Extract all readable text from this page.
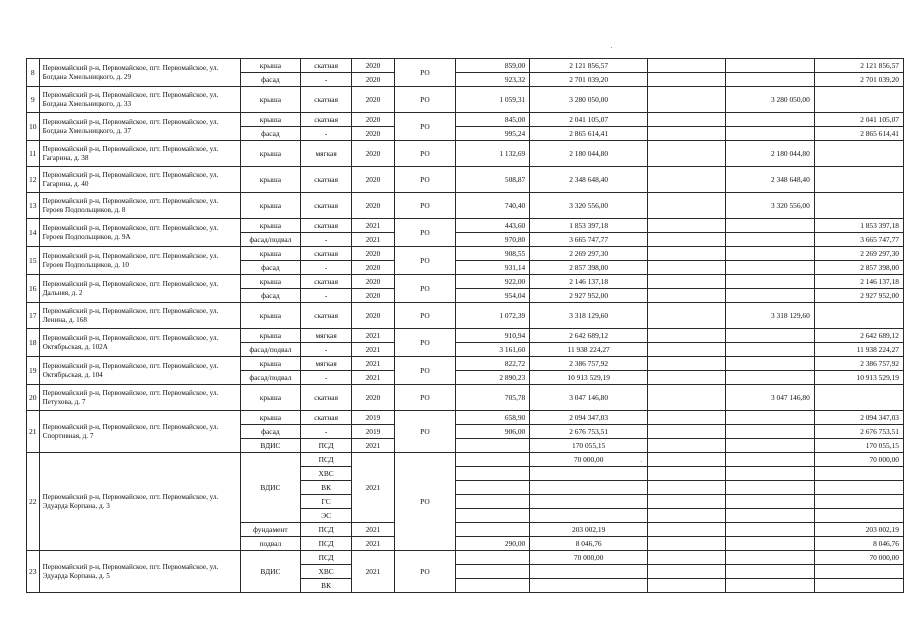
8	Первомайский р-н, Первомайское, пгт. Первомайское, ул. Богдана Хмельницкого, д. 29	крыша	скатная	2020	РО	859,00	2 121 856,57			2 121 856,57
		фасад	-	2020		923,32	2 701 039,20			2 701 039,20
9	Первомайский р-н, Первомайское, пгт. Первомайское, ул. Богдана Хмельницкого, д. 33	крыша	скатная	2020	РО	1 059,31	3 280 050,00		3 280 050,00	
10	Первомайский р-н, Первомайское, пгт. Первомайское, ул. Богдана Хмельницкого, д. 37	крыша	скатная	2020	РО	845,00	2 041 105,07			2 041 105,07
		фасад	-	2020		995,24	2 865 614,41			2 865 614,41
11	Первомайский р-н, Первомайское, пгт. Первомайское, ул. Гагарина, д. 38	крыша	мягкая	2020	РО	1 132,69	2 180 044,80		2 180 044,80	
12	Первомайский р-н, Первомайское, пгт. Первомайское, ул. Гагарина, д. 40	крыша	скатная	2020	РО	508,87	2 348 648,40		2 348 648,40	
13	Первомайский р-н, Первомайское, пгт. Первомайское, ул. Героев Подпольщиков, д. 8	крыша	скатная	2020	РО	740,40	3 320 556,00		3 320 556,00	
14	Первомайский р-н, Первомайское, пгт. Первомайское, ул. Героев Подпольщиков, д. 9А	крыша	скатная	2021	РО	443,60	1 853 397,18			1 853 397,18
		фасад/подвал	-	2021		970,80	3 665 747,77			3 665 747,77
15	Первомайский р-н, Первомайское, пгт. Первомайское, ул. Героев Подпольщиков, д. 10	крыша	скатная	2020	РО	908,55	2 269 297,30			2 269 297,30
		фасад	-	2020		931,14	2 857 398,00			2 857 398,00
16	Первомайский р-н, Первомайское, пгт. Первомайское, ул. Дальняя, д. 2	крыша	скатная	2020	РО	922,00	2 146 137,18			2 146 137,18
		фасад	-	2020		954,04	2 927 952,00			2 927 952,00
17	Первомайский р-н, Первомайское, пгт. Первомайское, ул. Ленина, д. 168	крыша	скатная	2020	РО	1 072,39	3 318 129,60		3 318 129,60	
18	Первомайский р-н, Первомайское, пгт. Первомайское, ул. Октябрьская, д. 102А	крыша	мягкая	2021	РО	910,94	2 642 689,12			2 642 689,12
		фасад/подвал	-	2021		3 161,60	11 938 224,27			11 938 224,27
19	Первомайский р-н, Первомайское, пгт. Первомайское, ул. Октябрьская, д. 104	крыша	мягкая	2021	РО	822,72	2 386 757,92			2 386 757,92
		фасад/подвал	-	2021		2 890,23	10 913 529,19			10 913 529,19
20	Первомайский р-н, Первомайское, пгт. Первомайское, ул. Петухова, д. 7	крыша	скатная	2020	РО	705,78	3 047 146,80		3 047 146,80	
21	Первомайский р-н, Первомайское, пгт. Первомайское, ул. Спортивная, д. 7	крыша	скатная	2019	РО	658,90	2 094 347,03			2 094 347,03
		фасад	-	2019		906,00	2 676 753,51			2 676 753,51
		ВДИС	ПСД	2021			170 055,15			170 055,15
22	Первомайский р-н, Первомайское, пгт. Первомайское, ул. Эдуарда Корпана, д. 3	ВДИС	ПСД	2021	РО		70 000,00			70 000,00
			ХВС							
			ВК							
			ГС							
			ЭС							
		фундамент	ПСД	2021			203 002,19			203 002,19
		подвал	ПСД	2021		290,00	8 046,76			8 046,76
23	Первомайский р-н, Первомайское, пгт. Первомайское, ул. Эдуарда Корпана, д. 5	ВДИС	ПСД	2021	РО		70 000,00			70 000,00
			ХВС							
			ВК							
